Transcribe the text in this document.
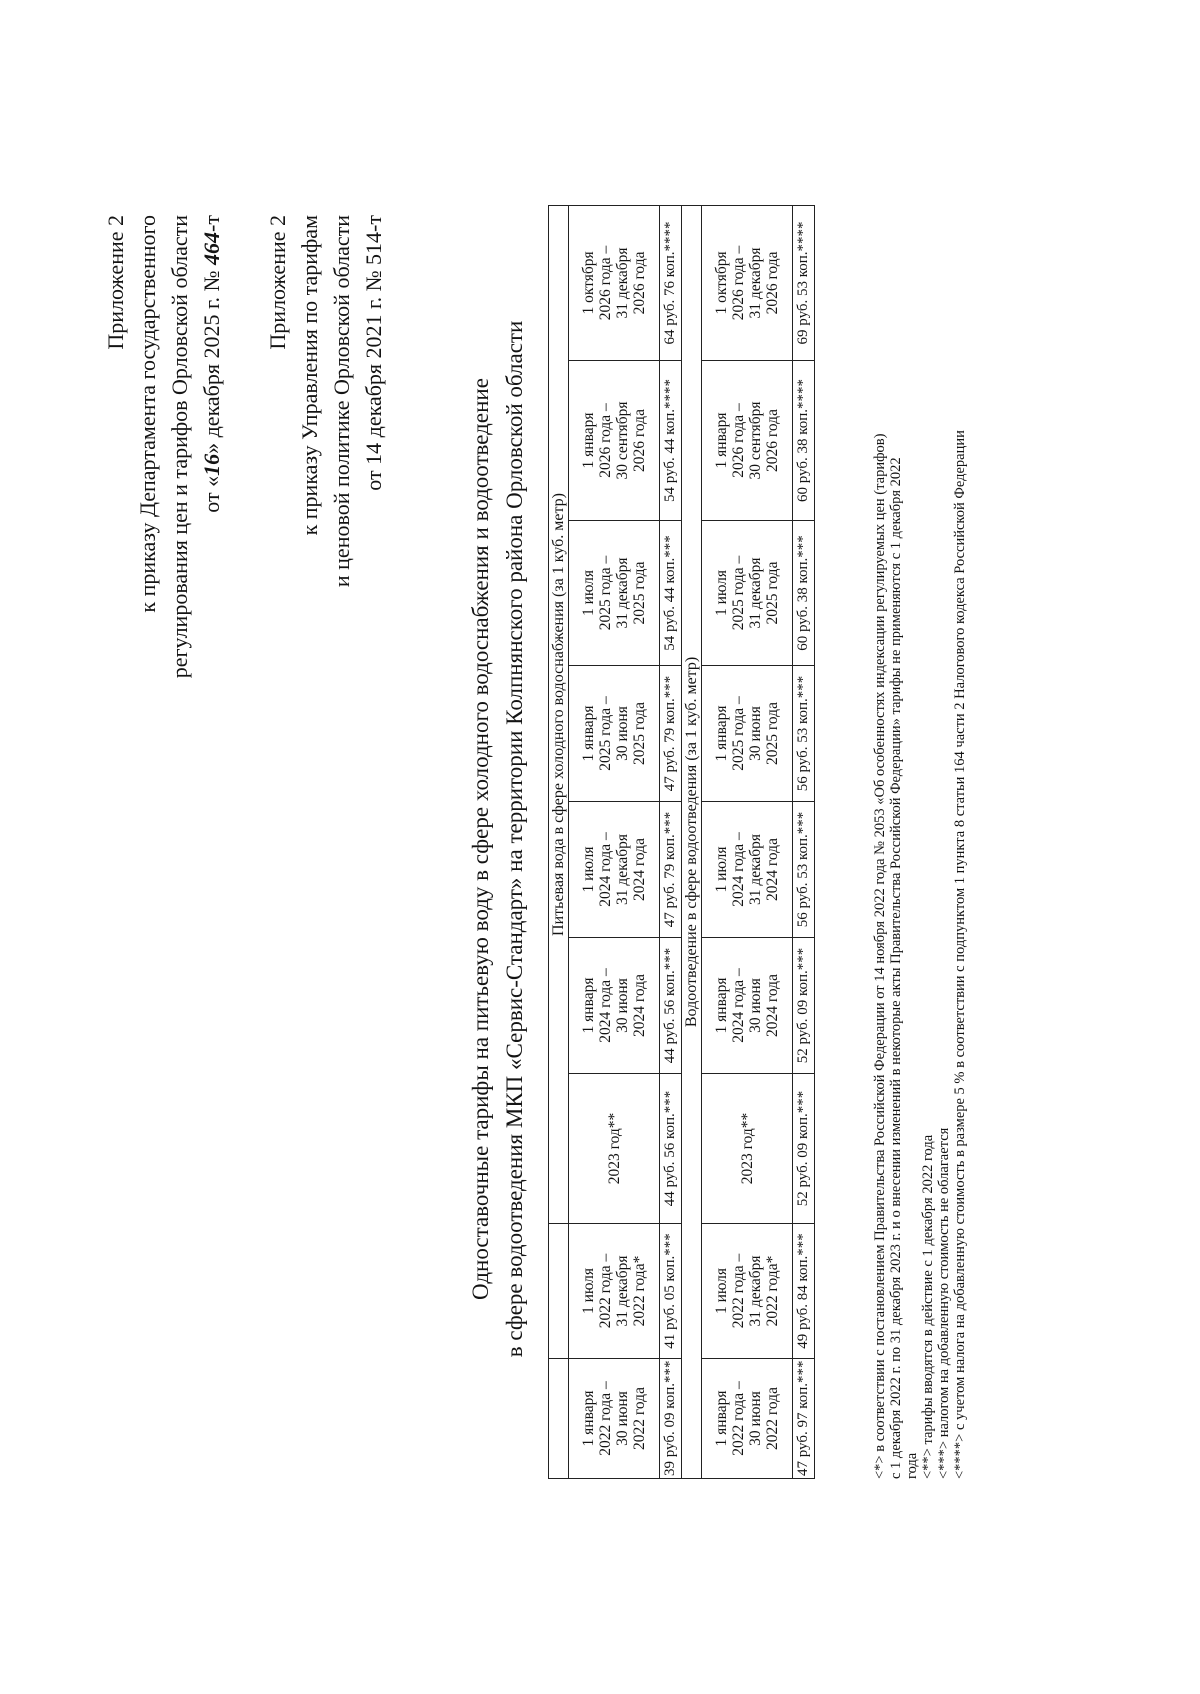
Приложение 2 к приказу Департамента государственного регулирования цен и тарифов Орловской области от «16» декабря 2025 г. № 464-т Приложение 2 к приказу Управления по тарифам и ценовой политике Орловской области от 14 декабря 2021 г. № 514-т
Одноставочные тарифы на питьевую воду в сфере холодного водоснабжения и водоотведение в сфере водоотведения МКП «Сервис-Стандарт» на территории Колпнянского района Орловской области
			Питьевая вода в сфере холодного водоснабжения (за 1 куб. метр)						

1 января 2022 года – 30 июня 2022 года	1 июля 2022 года – 31 декабря 2022 года*	2023 год**	1 января 2024 года – 30 июня 2024 года	1 июля 2024 года – 31 декабря 2024 года	1 января 2025 года – 30 июня 2025 года	1 июля 2025 года – 31 декабря 2025 года	1 января 2026 года – 30 сентября 2026 года	1 октября 2026 года – 31 декабря 2026 года

39 руб. 09 коп.***	41 руб. 05 коп.***	44 руб. 56 коп.***	44 руб. 56 коп.***	47 руб. 79 коп.***	47 руб. 79 коп.***	54 руб. 44 коп.***	54 руб. 44 коп.****	64 руб. 76 коп.****
Водоотведение в сфере водоотведения (за 1 куб. метр)								

1 января 2022 года – 30 июня 2022 года	1 июля 2022 года – 31 декабря 2022 года*	2023 год**	1 января 2024 года – 30 июня 2024 года	1 июля 2024 года – 31 декабря 2024 года	1 января 2025 года – 30 июня 2025 года	1 июля 2025 года – 31 декабря 2025 года	1 января 2026 года – 30 сентября 2026 года	1 октября 2026 года – 31 декабря 2026 года

47 руб. 97 коп.***	49 руб. 84 коп.***	52 руб. 09 коп.***	52 руб. 09 коп.***	56 руб. 53 коп.***	56 руб. 53 коп.***	60 руб. 38 коп.***	60 руб. 38 коп.****	69 руб. 53 коп.****
<*> в соответствии с постановлением Правительства Российской Федерации от 14 ноября 2022 года № 2053 «Об особенностях индексации регулируемых цен (тарифов) с 1 декабря 2022 г. по 31 декабря 2023 г. и о внесении изменений в некоторые акты Правительства Российской Федерации» тарифы не применяются с 1 декабря 2022 года <**> тарифы вводятся в действие с 1 декабря 2022 года <***> налогом на добавленную стоимость не облагается <****> с учетом налога на добавленную стоимость в размере 5 % в соответствии с подпунктом 1 пункта 8 статьи 164 части 2 Налогового кодекса Российской Федерации
